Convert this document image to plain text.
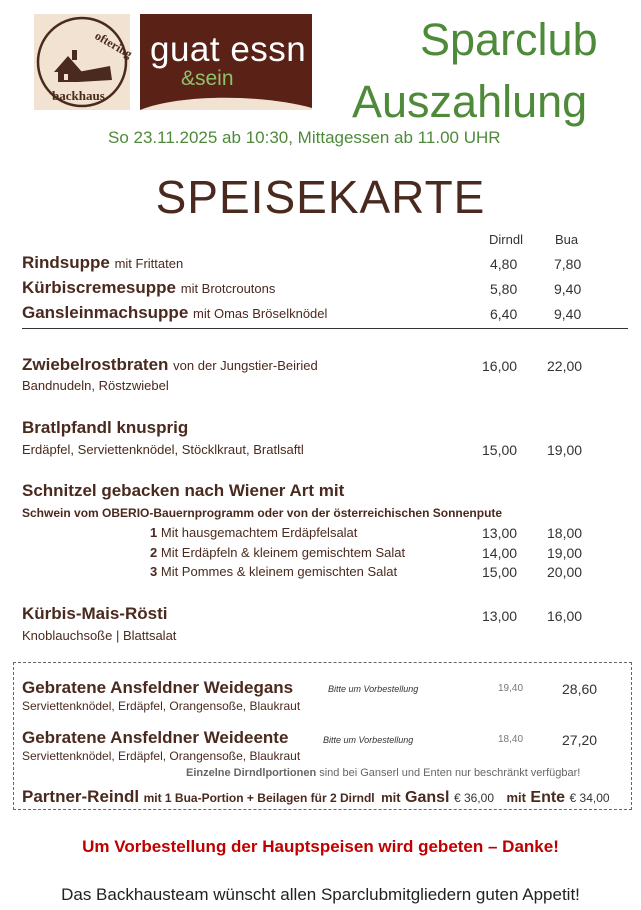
oftering
backhaus
guat essn
&sein
Sparclub
Auszahlung
So 23.11.2025 ab 10:30, Mittagessen ab 11.00 UHR
SPEISEKARTE
Dirndl Bua
Rindsuppe mit Frittaten	4,80	7,80
Kürbiscremesuppe mit Brotcroutons	5,80	9,40
Gansleinmachsuppe mit Omas Bröselknödel	6,40	9,40
Zwiebelrostbraten von der Jungstier-Beiried
Bandnudeln, Röstzwiebel
16,00 22,00
Bratlpfandl knusprig
Erdäpfel, Serviettenknödel, Stöcklkraut, Bratlsaftl	15,00 19,00
Schnitzel gebacken nach Wiener Art mit
Schwein vom OBERIO-Bauernprogramm oder von der österreichischen Sonnenpute
1 Mit hausgemachtem Erdäpfelsalat	13,00 18,00
2 Mit Erdäpfeln & kleinem gemischtem Salat	14,00 19,00
3 Mit Pommes & kleinem gemischten Salat	15,00 20,00
Kürbis-Mais-Rösti
Knoblauchsoße | Blattsalat
13,00 16,00
Gebratene Ansfeldner Weidegans	Bitte um Vorbestellung
Serviettenknödel, Erdäpfel, Orangensoße, Blaukraut
19,40	28,60
Gebratene Ansfeldner Weideente	Bitte um Vorbestellung
Serviettenknödel, Erdäpfel, Orangensoße, Blaukraut
18,40	27,20
Einzelne Dirndlportionen sind bei Ganserl und Enten nur beschränkt verfügbar!
Partner-Reindl mit 1 Bua-Portion + Beilagen für 2 Dirndl mit Gansl € 36,00 mit Ente € 34,00
Um Vorbestellung der Hauptspeisen wird gebeten – Danke!
Das Backhausteam wünscht allen Sparclubmitgliedern guten Appetit!
